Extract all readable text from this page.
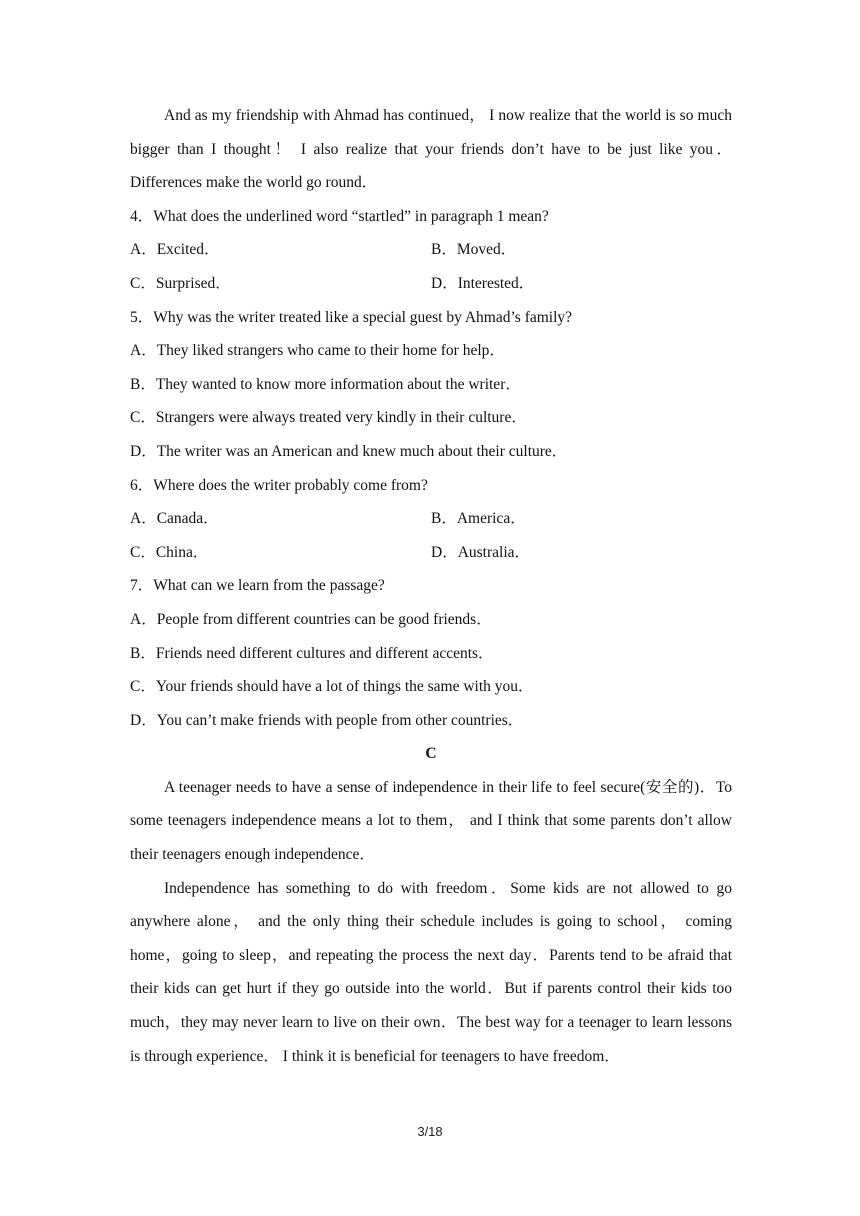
And as my friendship with Ahmad has continued， I now realize that the world is so much bigger than I thought！ I also realize that your friends don’t have to be just like you．Differences make the world go round．

4．What does the underlined word “startled” in paragraph 1 mean?
A．Excited．	B．Moved．
C．Surprised．	D．Interested．
5．Why was the writer treated like a special guest by Ahmad’s family?
A．They liked strangers who came to their home for help．
B．They wanted to know more information about the writer．
C．Strangers were always treated very kindly in their culture．
D．The writer was an American and knew much about their culture．
6．Where does the writer probably come from?
A．Canada．	B．America．
C．China．	D．Australia．
7．What can we learn from the passage?
A．People from different countries can be good friends．
B．Friends need different cultures and different accents．
C．Your friends should have a lot of things the same with you．
D．You can’t make friends with people from other countries．
C

A teenager needs to have a sense of independence in their life to feel secure(安全的)．To some teenagers independence means a lot to them， and I think that some parents don’t allow their teenagers enough independence．

Independence has something to do with freedom．Some kids are not allowed to go anywhere alone， and the only thing their schedule includes is going to school， coming home，going to sleep，and repeating the process the next day．Parents tend to be afraid that their kids can get hurt if they go outside into the world．But if parents control their kids too much，they may never learn to live on their own．The best way for a teenager to learn lessons is through experience． I think it is beneficial for teenagers to have freedom．

3/18
